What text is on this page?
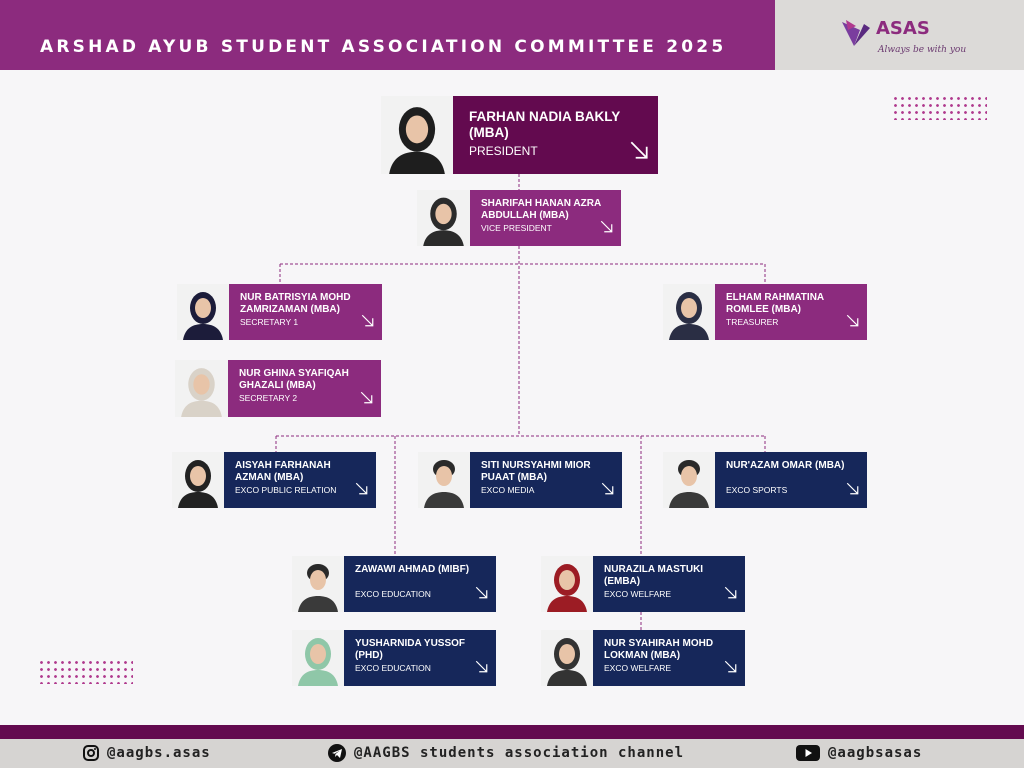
ARSHAD AYUB STUDENT ASSOCIATION COMMITTEE 2025
ASAS
Always be with you
FARHAN NADIA BAKLY (MBA)
PRESIDENT
SHARIFAH HANAN AZRA ABDULLAH (MBA)
VICE PRESIDENT
NUR BATRISYIA MOHD ZAMRIZAMAN (MBA)
SECRETARY 1
NUR GHINA SYAFIQAH GHAZALI (MBA)
SECRETARY 2
ELHAM RAHMATINA ROMLEE (MBA)
TREASURER
AISYAH FARHANAH AZMAN (MBA)
EXCO PUBLIC RELATION
SITI NURSYAHMI MIOR PUAAT (MBA)
EXCO MEDIA
NUR'AZAM OMAR (MBA)
EXCO SPORTS
ZAWAWI AHMAD (MIBF)
EXCO EDUCATION
YUSHARNIDA YUSSOF (PHD)
EXCO EDUCATION
NURAZILA MASTUKI (EMBA)
EXCO WELFARE
NUR SYAHIRAH MOHD LOKMAN (MBA)
EXCO WELFARE
@aagbs.asas	@AAGBS students association channel	@aagbsasas
